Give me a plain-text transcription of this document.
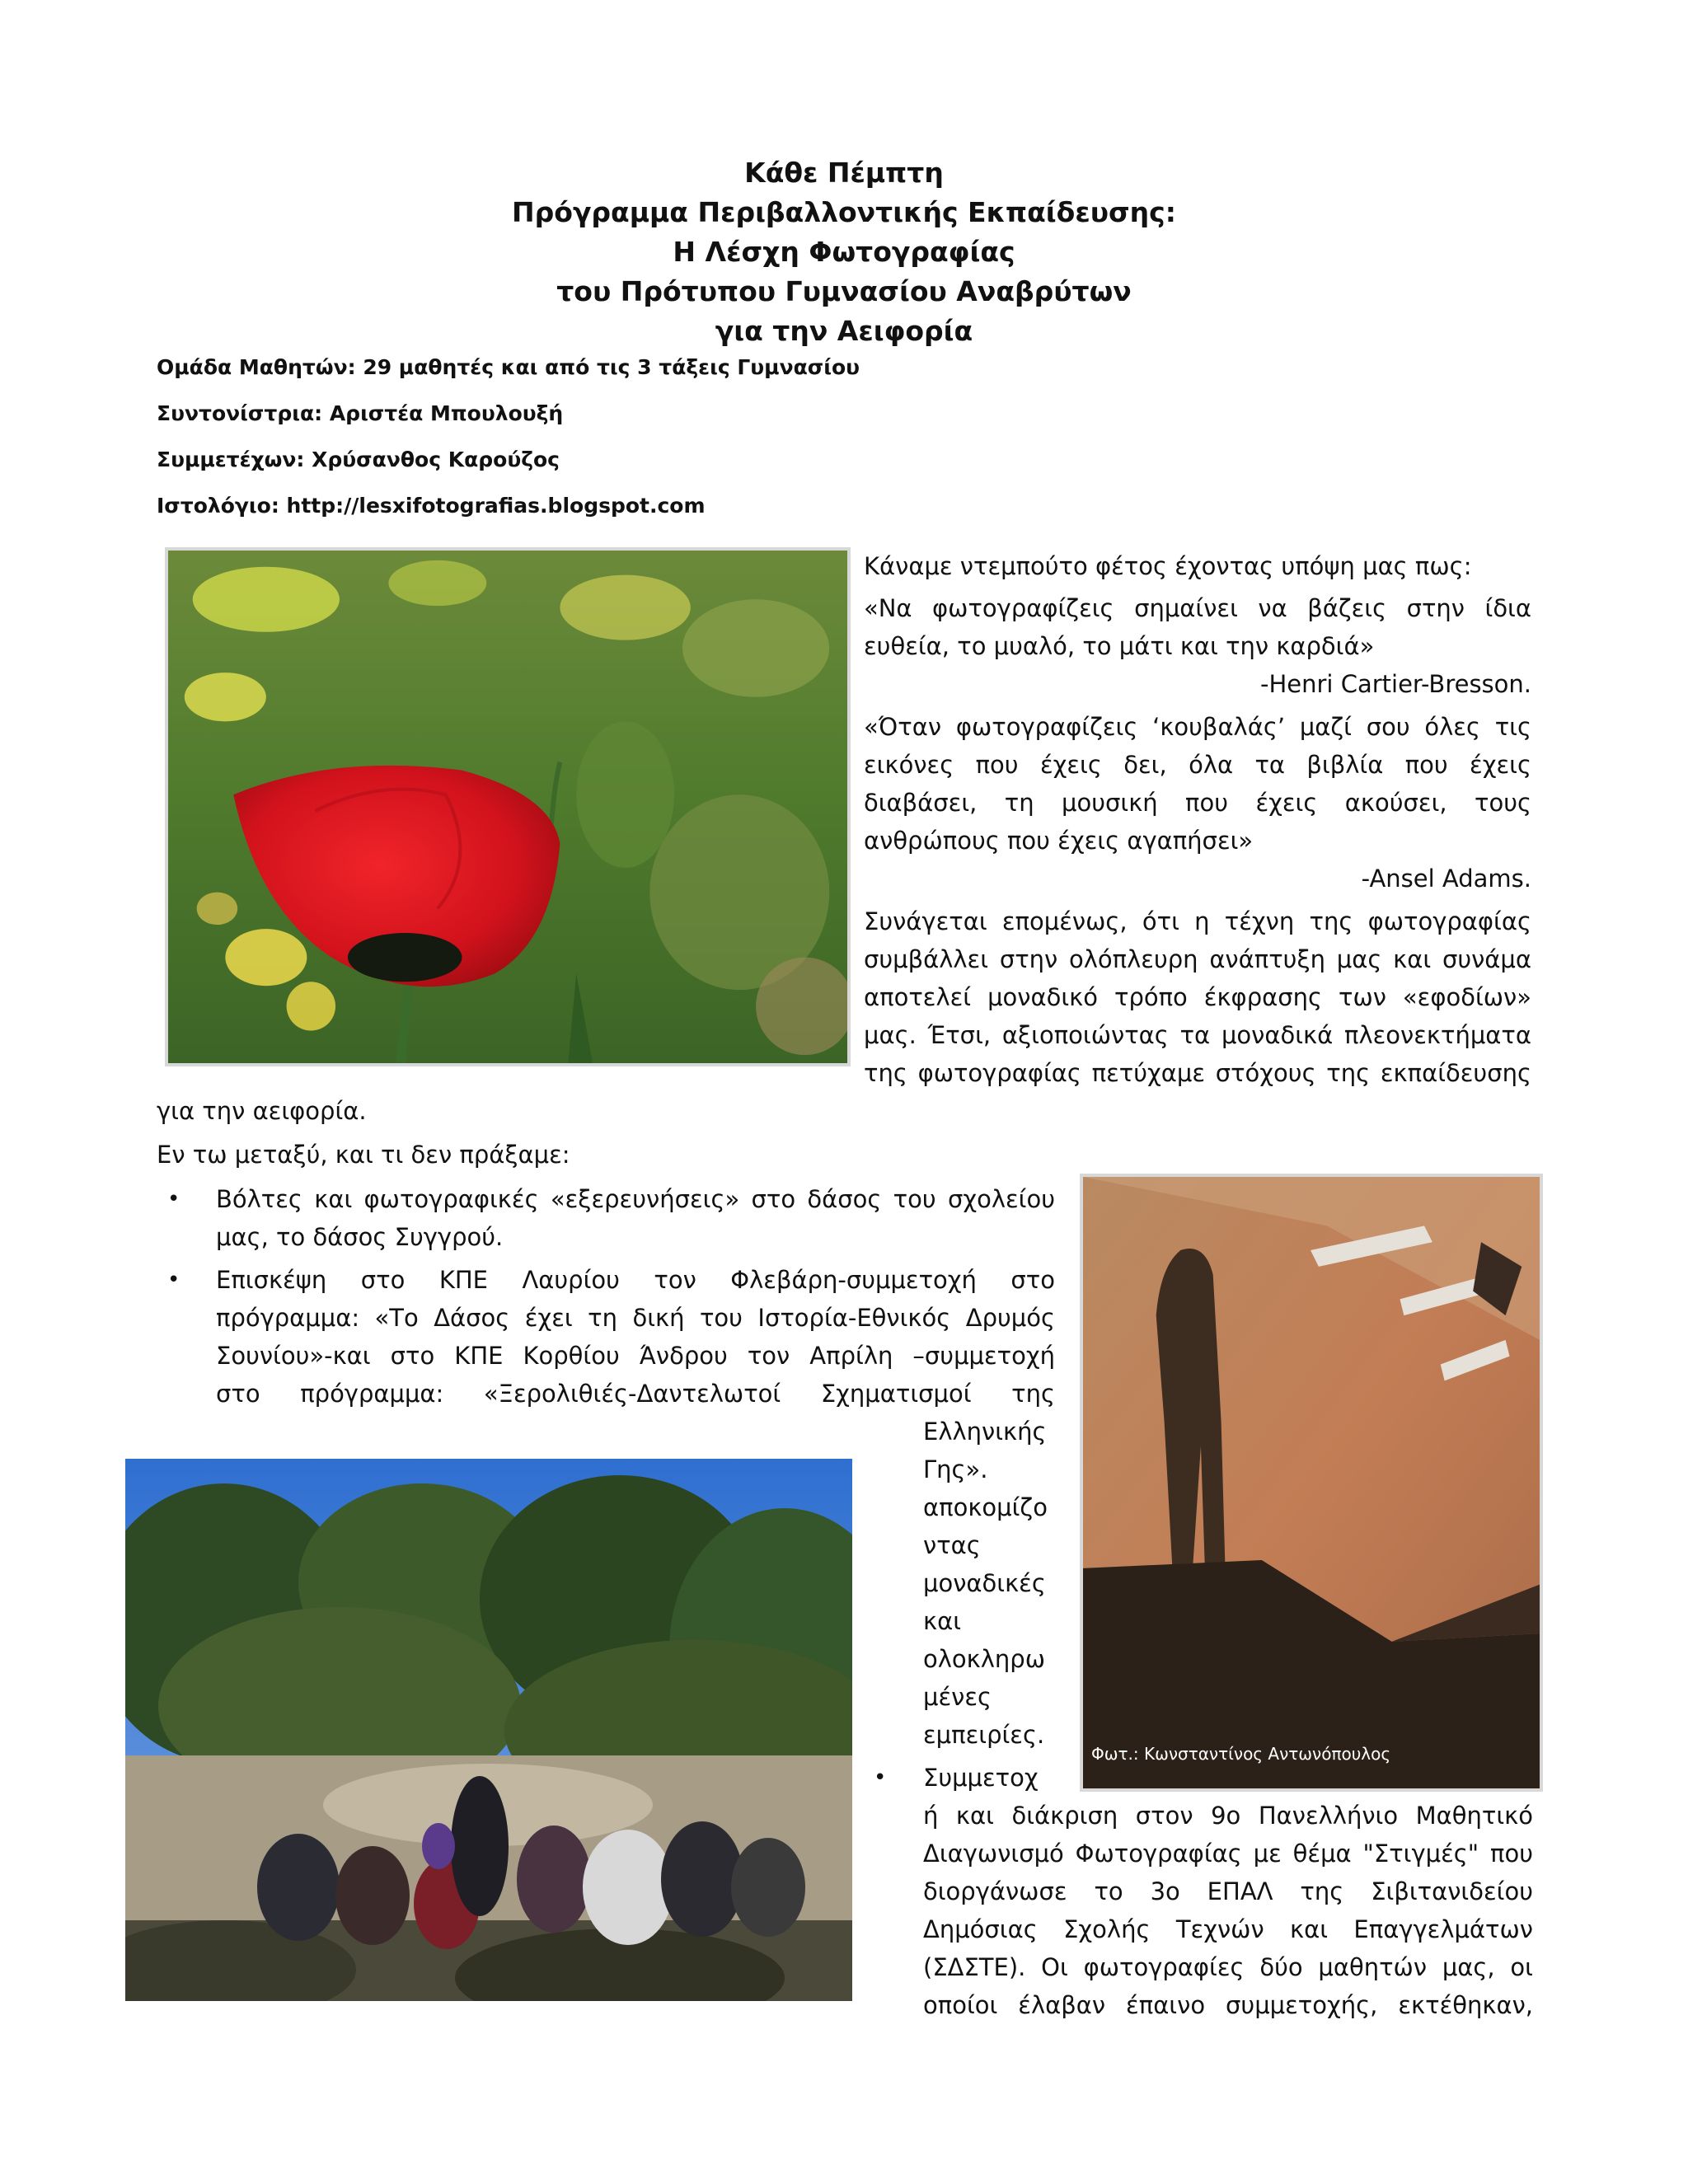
Κάθε Πέμπτη
Πρόγραμμα Περιβαλλοντικής Εκπαίδευσης:
Η Λέσχη Φωτογραφίας
του Πρότυπου Γυμνασίου Αναβρύτων
για την Αειφορία
Ομάδα Μαθητών: 29 μαθητές και από τις 3 τάξεις Γυμνασίου
Συντονίστρια: Αριστέα Μπουλουξή
Συμμετέχων: Χρύσανθος Καρούζος
Ιστολόγιο: http://lesxifotografias.blogspot.com
Κάναμε ντεμπούτο φέτος έχοντας υπόψη μας πως:
«Να φωτογραφίζεις σημαίνει να βάζεις στην ίδια
ευθεία, το μυαλό, το μάτι και την καρδιά»
-Henri Cartier-Bresson.
«Όταν φωτογραφίζεις ‘κουβαλάς’ μαζί σου όλες τις
εικόνες που έχεις δει, όλα τα βιβλία που έχεις
διαβάσει, τη μουσική που έχεις ακούσει, τους
ανθρώπους που έχεις αγαπήσει»
-Ansel Adams.
Συνάγεται επομένως, ότι η τέχνη της φωτογραφίας
συμβάλλει στην ολόπλευρη ανάπτυξη μας και συνάμα
αποτελεί μοναδικό τρόπο έκφρασης των «εφοδίων»
μας. Έτσι, αξιοποιώντας τα μοναδικά πλεονεκτήματα
της φωτογραφίας πετύχαμε στόχους της εκπαίδευσης
για την αειφορία.
Εν τω μεταξύ, και τι δεν πράξαμε:
• Βόλτες και φωτογραφικές «εξερευνήσεις» στο δάσος του σχολείου
μας, το δάσος Συγγρού.
• Επισκέψη στο ΚΠΕ Λαυρίου τον Φλεβάρη-συμμετοχή στο
πρόγραμμα: «Το Δάσος έχει τη δική του Ιστορία-Εθνικός Δρυμός
Σουνίου»-και στο ΚΠΕ Κορθίου Άνδρου τον Απρίλη –συμμετοχή
στο πρόγραμμα: «Ξερολιθιές-Δαντελωτοί Σχηματισμοί της
Ελληνικής
Γης».
αποκομίζο
ντας
μοναδικές
και
ολοκληρω
μένες
εμπειρίες.
• Συμμετοχ
ή και διάκριση στον 9ο Πανελλήνιο Μαθητικό
Διαγωνισμό Φωτογραφίας με θέμα "Στιγμές" που
διοργάνωσε το 3ο ΕΠΑΛ της Σιβιτανιδείου
Δημόσιας Σχολής Τεχνών και Επαγγελμάτων
(ΣΔΣΤΕ). Οι φωτογραφίες δύο μαθητών μας, οι
οποίοι έλαβαν έπαινο συμμετοχής, εκτέθηκαν,
Φωτ.: Κωνσταντίνος Αντωνόπουλος
